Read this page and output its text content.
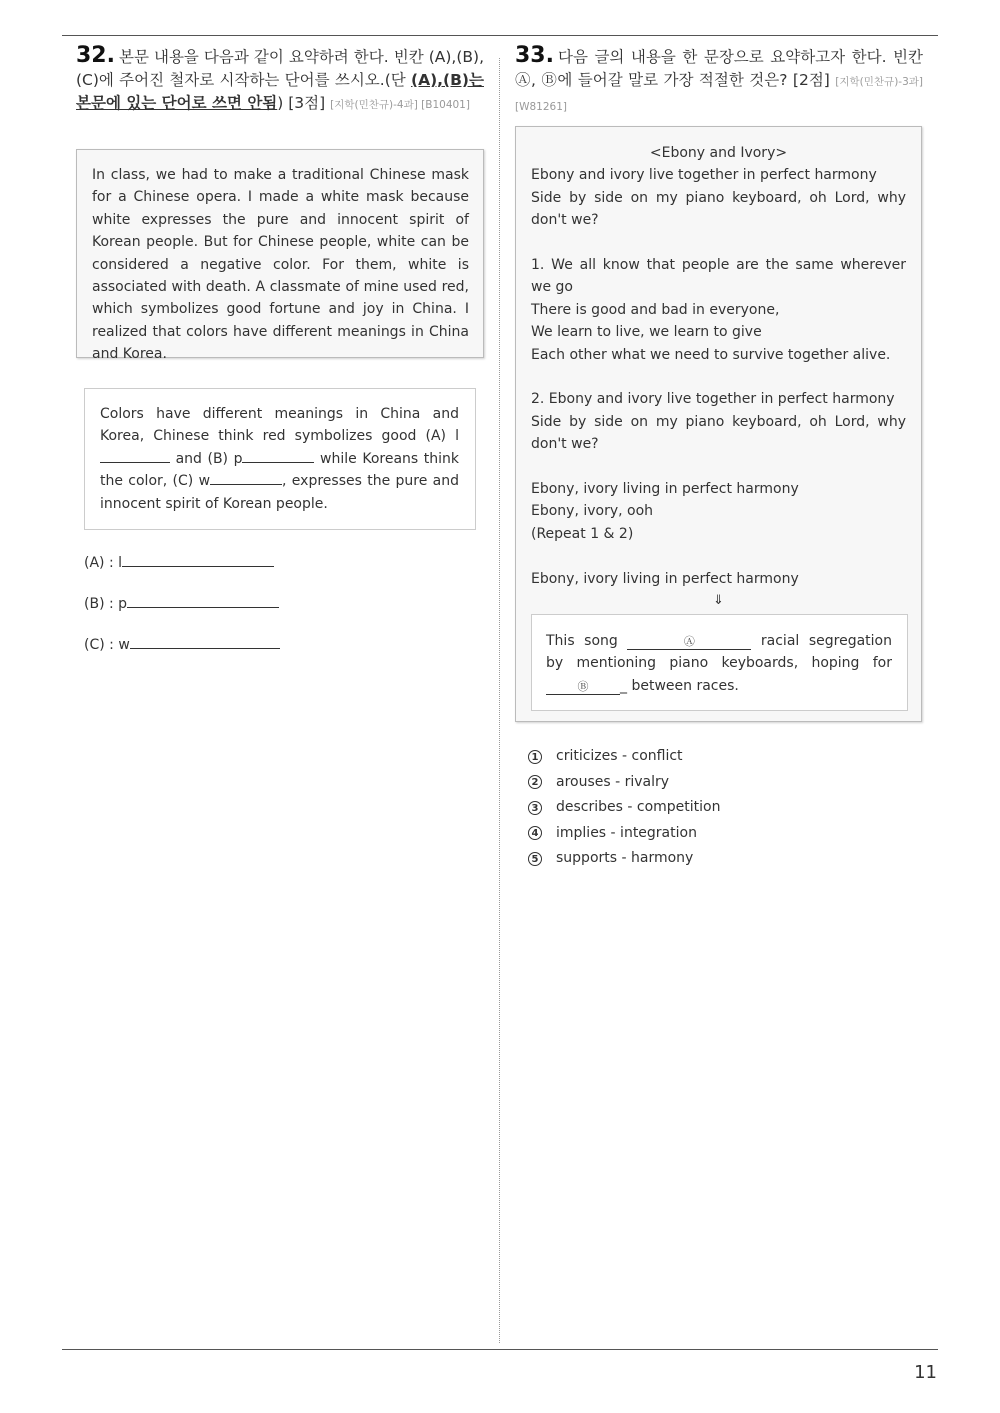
32. 본문 내용을 다음과 같이 요약하려 한다. 빈칸 (A),(B),(C)에 주어진 철자로 시작하는 단어를 쓰시오.(단 (A),(B)는 본문에 있는 단어로 쓰면 안됨) [3점] [지학(민찬규)-4과] [B10401]
In class, we had to make a traditional Chinese mask for a Chinese opera. I made a white mask because white expresses the pure and innocent spirit of Korean people. But for Chinese people, white can be considered a negative color. For them, white is associated with death. A classmate of mine used red, which symbolizes good fortune and joy in China. I realized that colors have different meanings in China and Korea.
Colors have different meanings in China and Korea, Chinese think red symbolizes good (A) l and (B) p	while Koreans think the color, (C) w	, expresses the pure and innocent spirit of Korean people.
(A) : l
(B) : p
(C) : w
33. 다음 글의 내용을 한 문장으로 요약하고자 한다. 빈칸 Ⓐ, Ⓑ에 들어갈 말로 가장 적절한 것은? [2점] [지학(민찬규)-3과] [W81261]
<Ebony and Ivory>
Ebony and ivory live together in perfect harmony
Side by side on my piano keyboard, oh Lord, why don't we?
1. We all know that people are the same wherever we go
There is good and bad in everyone,
We learn to live, we learn to give
Each other what we need to survive together alive.
2. Ebony and ivory live together in perfect harmony
Side by side on my piano keyboard, oh Lord, why don't we?
Ebony, ivory living in perfect harmony
Ebony, ivory, ooh
(Repeat 1 & 2)
Ebony, ivory living in perfect harmony
⇓
This song	Ⓐ	racial segregation by mentioning piano keyboards, hoping for Ⓑ _ between races.
1 criticizes - conflict
2 arouses - rivalry
3 describes - competition
4 implies - integration
5 supports - harmony
11
